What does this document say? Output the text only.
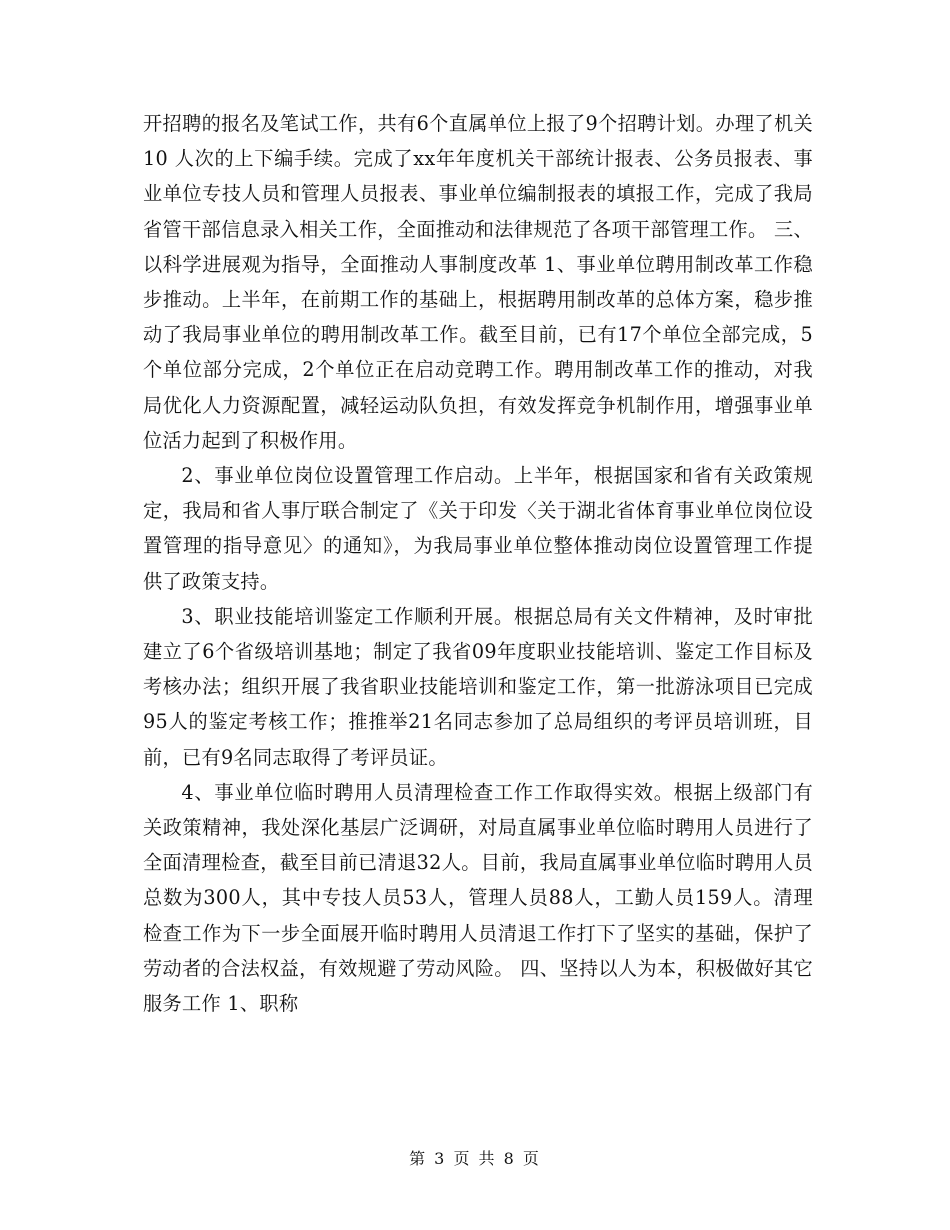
开招聘的报名及笔试工作，共有6个直属单位上报了9个招聘计划。办理了机关10 人次的上下编手续。完成了xx年年度机关干部统计报表、公务员报表、事业单位专技人员和管理人员报表、事业单位编制报表的填报工作，完成了我局省管干部信息录入相关工作，全面推动和法律规范了各项干部管理工作。 三、以科学进展观为指导，全面推动人事制度改革 1、事业单位聘用制改革工作稳步推动。上半年，在前期工作的基础上，根据聘用制改革的总体方案，稳步推动了我局事业单位的聘用制改革工作。截至目前，已有17个单位全部完成，5个单位部分完成，2个单位正在启动竞聘工作。聘用制改革工作的推动，对我局优化人力资源配置，减轻运动队负担，有效发挥竞争机制作用，增强事业单位活力起到了积极作用。

2、事业单位岗位设置管理工作启动。上半年，根据国家和省有关政策规定，我局和省人事厅联合制定了《关于印发〈关于湖北省体育事业单位岗位设置管理的指导意见〉的通知》，为我局事业单位整体推动岗位设置管理工作提供了政策支持。

3、职业技能培训鉴定工作顺利开展。根据总局有关文件精神，及时审批建立了6个省级培训基地；制定了我省09年度职业技能培训、鉴定工作目标及考核办法；组织开展了我省职业技能培训和鉴定工作，第一批游泳项目已完成95人的鉴定考核工作；推推举21名同志参加了总局组织的考评员培训班，目前，已有9名同志取得了考评员证。

4、事业单位临时聘用人员清理检查工作工作取得实效。根据上级部门有关政策精神，我处深化基层广泛调研，对局直属事业单位临时聘用人员进行了全面清理检查，截至目前已清退32人。目前，我局直属事业单位临时聘用人员总数为300人，其中专技人员53人，管理人员88人，工勤人员159人。清理检查工作为下一步全面展开临时聘用人员清退工作打下了坚实的基础，保护了劳动者的合法权益，有效规避了劳动风险。 四、坚持以人为本，积极做好其它服务工作 1、职称

第 3 页 共 8 页
